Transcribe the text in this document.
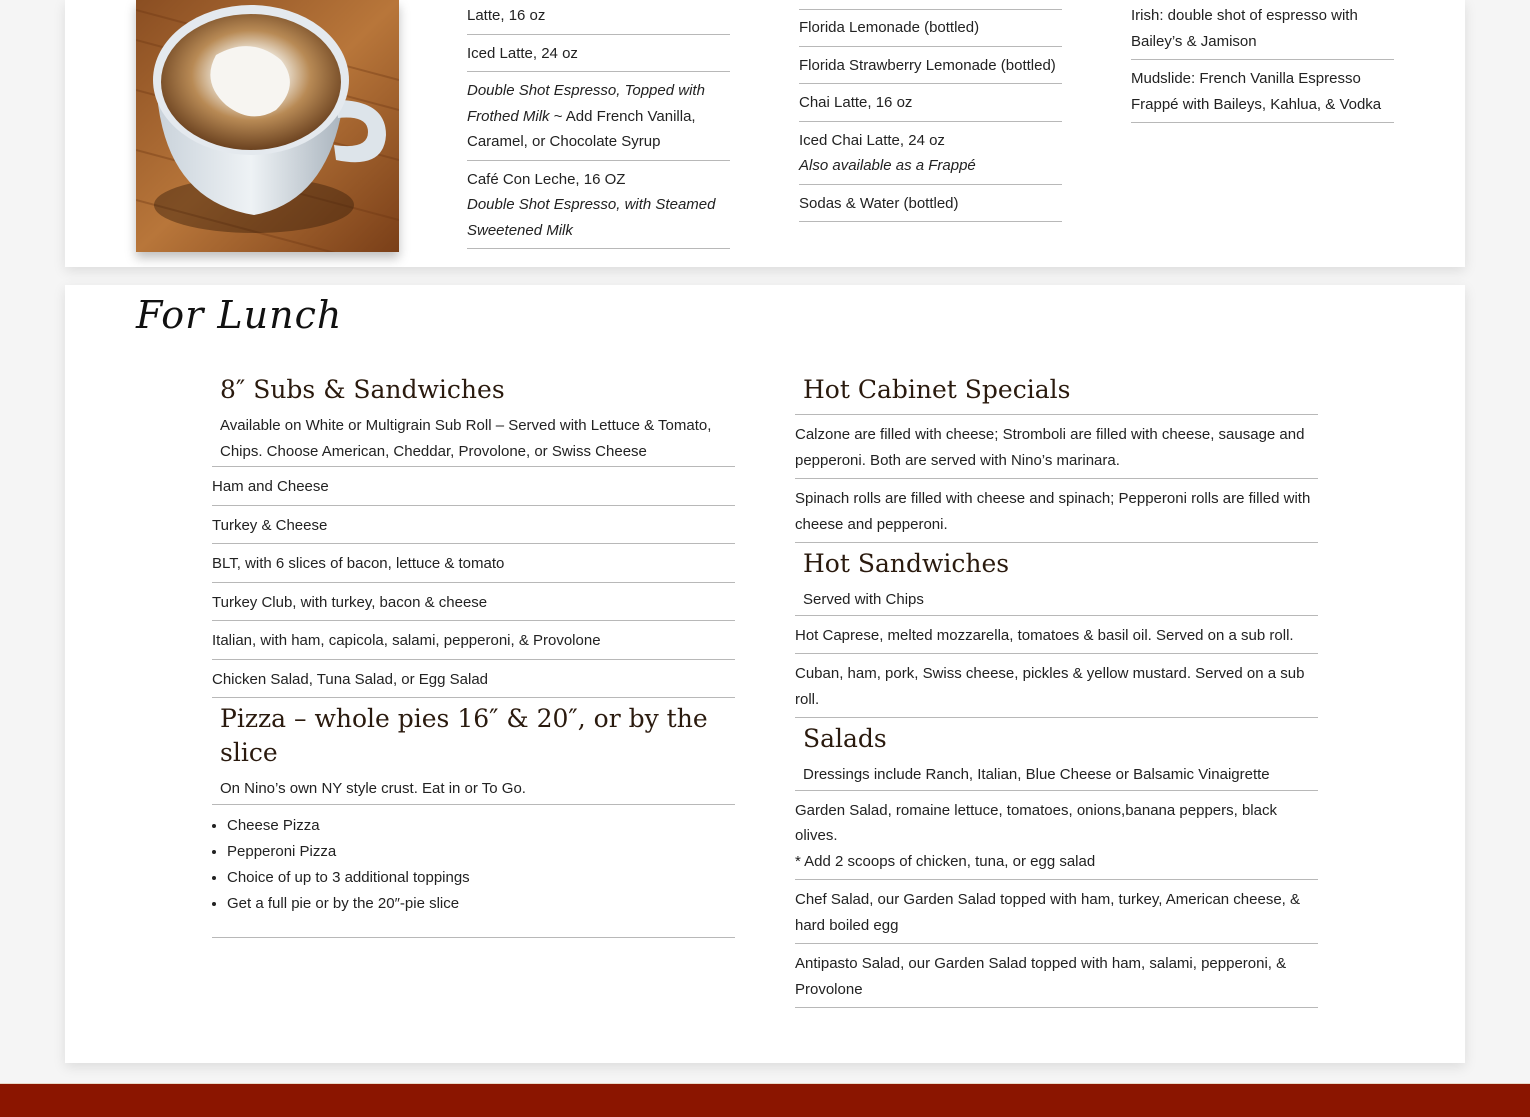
Latte, 16 oz
Iced Latte, 24 oz
Double Shot Espresso, Topped with Frothed Milk ~ Add French Vanilla, Caramel, or Chocolate Syrup
Café Con Leche, 16 OZ
Double Shot Espresso, with Steamed Sweetened Milk
Florida Lemonade (bottled)
Florida Strawberry Lemonade (bottled)
Chai Latte, 16 oz
Iced Chai Latte, 24 oz
Also available as a Frappé
Sodas & Water (bottled)
Irish: double shot of espresso with Bailey’s & Jamison
Mudslide: French Vanilla Espresso Frappé with Baileys, Kahlua, & Vodka
For Lunch
8″ Subs & Sandwiches
Available on White or Multigrain Sub Roll – Served with Lettuce & Tomato, Chips. Choose American, Cheddar, Provolone, or Swiss Cheese
Ham and Cheese
Turkey & Cheese
BLT, with 6 slices of bacon, lettuce & tomato
Turkey Club, with turkey, bacon & cheese
Italian, with ham, capicola, salami, pepperoni, & Provolone
Chicken Salad, Tuna Salad, or Egg Salad
Pizza – whole pies 16″ & 20″, or by the slice
On Nino’s own NY style crust. Eat in or To Go.
• Cheese Pizza
• Pepperoni Pizza
• Choice of up to 3 additional toppings
• Get a full pie or by the 20″-pie slice
Hot Cabinet Specials
Calzone are filled with cheese; Stromboli are filled with cheese, sausage and pepperoni. Both are served with Nino’s marinara.
Spinach rolls are filled with cheese and spinach; Pepperoni rolls are filled with cheese and pepperoni.
Hot Sandwiches
Served with Chips
Hot Caprese, melted mozzarella, tomatoes & basil oil. Served on a sub roll.
Cuban, ham, pork, Swiss cheese, pickles & yellow mustard. Served on a sub roll.
Salads
Dressings include Ranch, Italian, Blue Cheese or Balsamic Vinaigrette
Garden Salad, romaine lettuce, tomatoes, onions,banana peppers, black olives.
* Add 2 scoops of chicken, tuna, or egg salad
Chef Salad, our Garden Salad topped with ham, turkey, American cheese, & hard boiled egg
Antipasto Salad, our Garden Salad topped with ham, salami, pepperoni, & Provolone
